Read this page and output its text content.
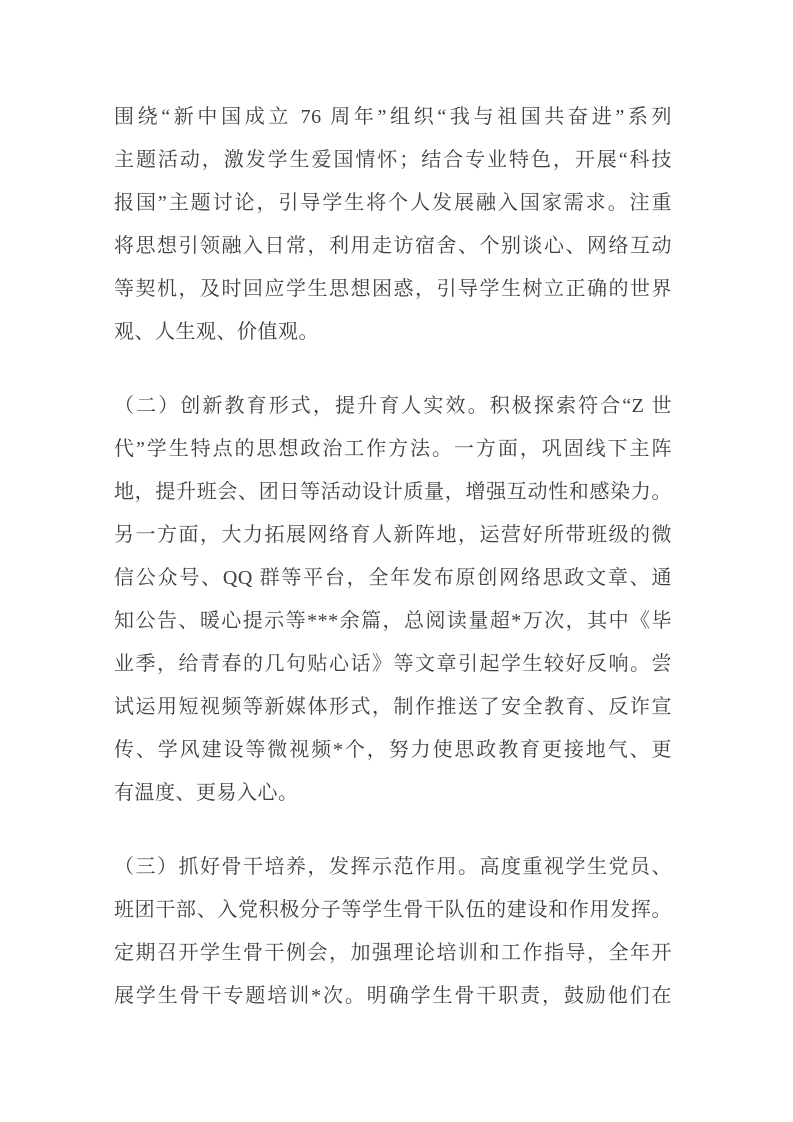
围绕“新中国成立 76 周年”组织“我与祖国共奋进”系列
主题活动，激发学生爱国情怀；结合专业特色，开展“科技
报国”主题讨论，引导学生将个人发展融入国家需求。注重
将思想引领融入日常，利用走访宿舍、个别谈心、网络互动
等契机，及时回应学生思想困惑，引导学生树立正确的世界
观、人生观、价值观。
（二）创新教育形式，提升育人实效。积极探索符合“Z 世
代”学生特点的思想政治工作方法。一方面，巩固线下主阵
地，提升班会、团日等活动设计质量，增强互动性和感染力。
另一方面，大力拓展网络育人新阵地，运营好所带班级的微
信公众号、QQ 群等平台，全年发布原创网络思政文章、通
知公告、暖心提示等***余篇，总阅读量超*万次，其中《毕
业季，给青春的几句贴心话》等文章引起学生较好反响。尝
试运用短视频等新媒体形式，制作推送了安全教育、反诈宣
传、学风建设等微视频*个，努力使思政教育更接地气、更
有温度、更易入心。
（三）抓好骨干培养，发挥示范作用。高度重视学生党员、
班团干部、入党积极分子等学生骨干队伍的建设和作用发挥。
定期召开学生骨干例会，加强理论培训和工作指导，全年开
展学生骨干专题培训*次。明确学生骨干职责，鼓励他们在
